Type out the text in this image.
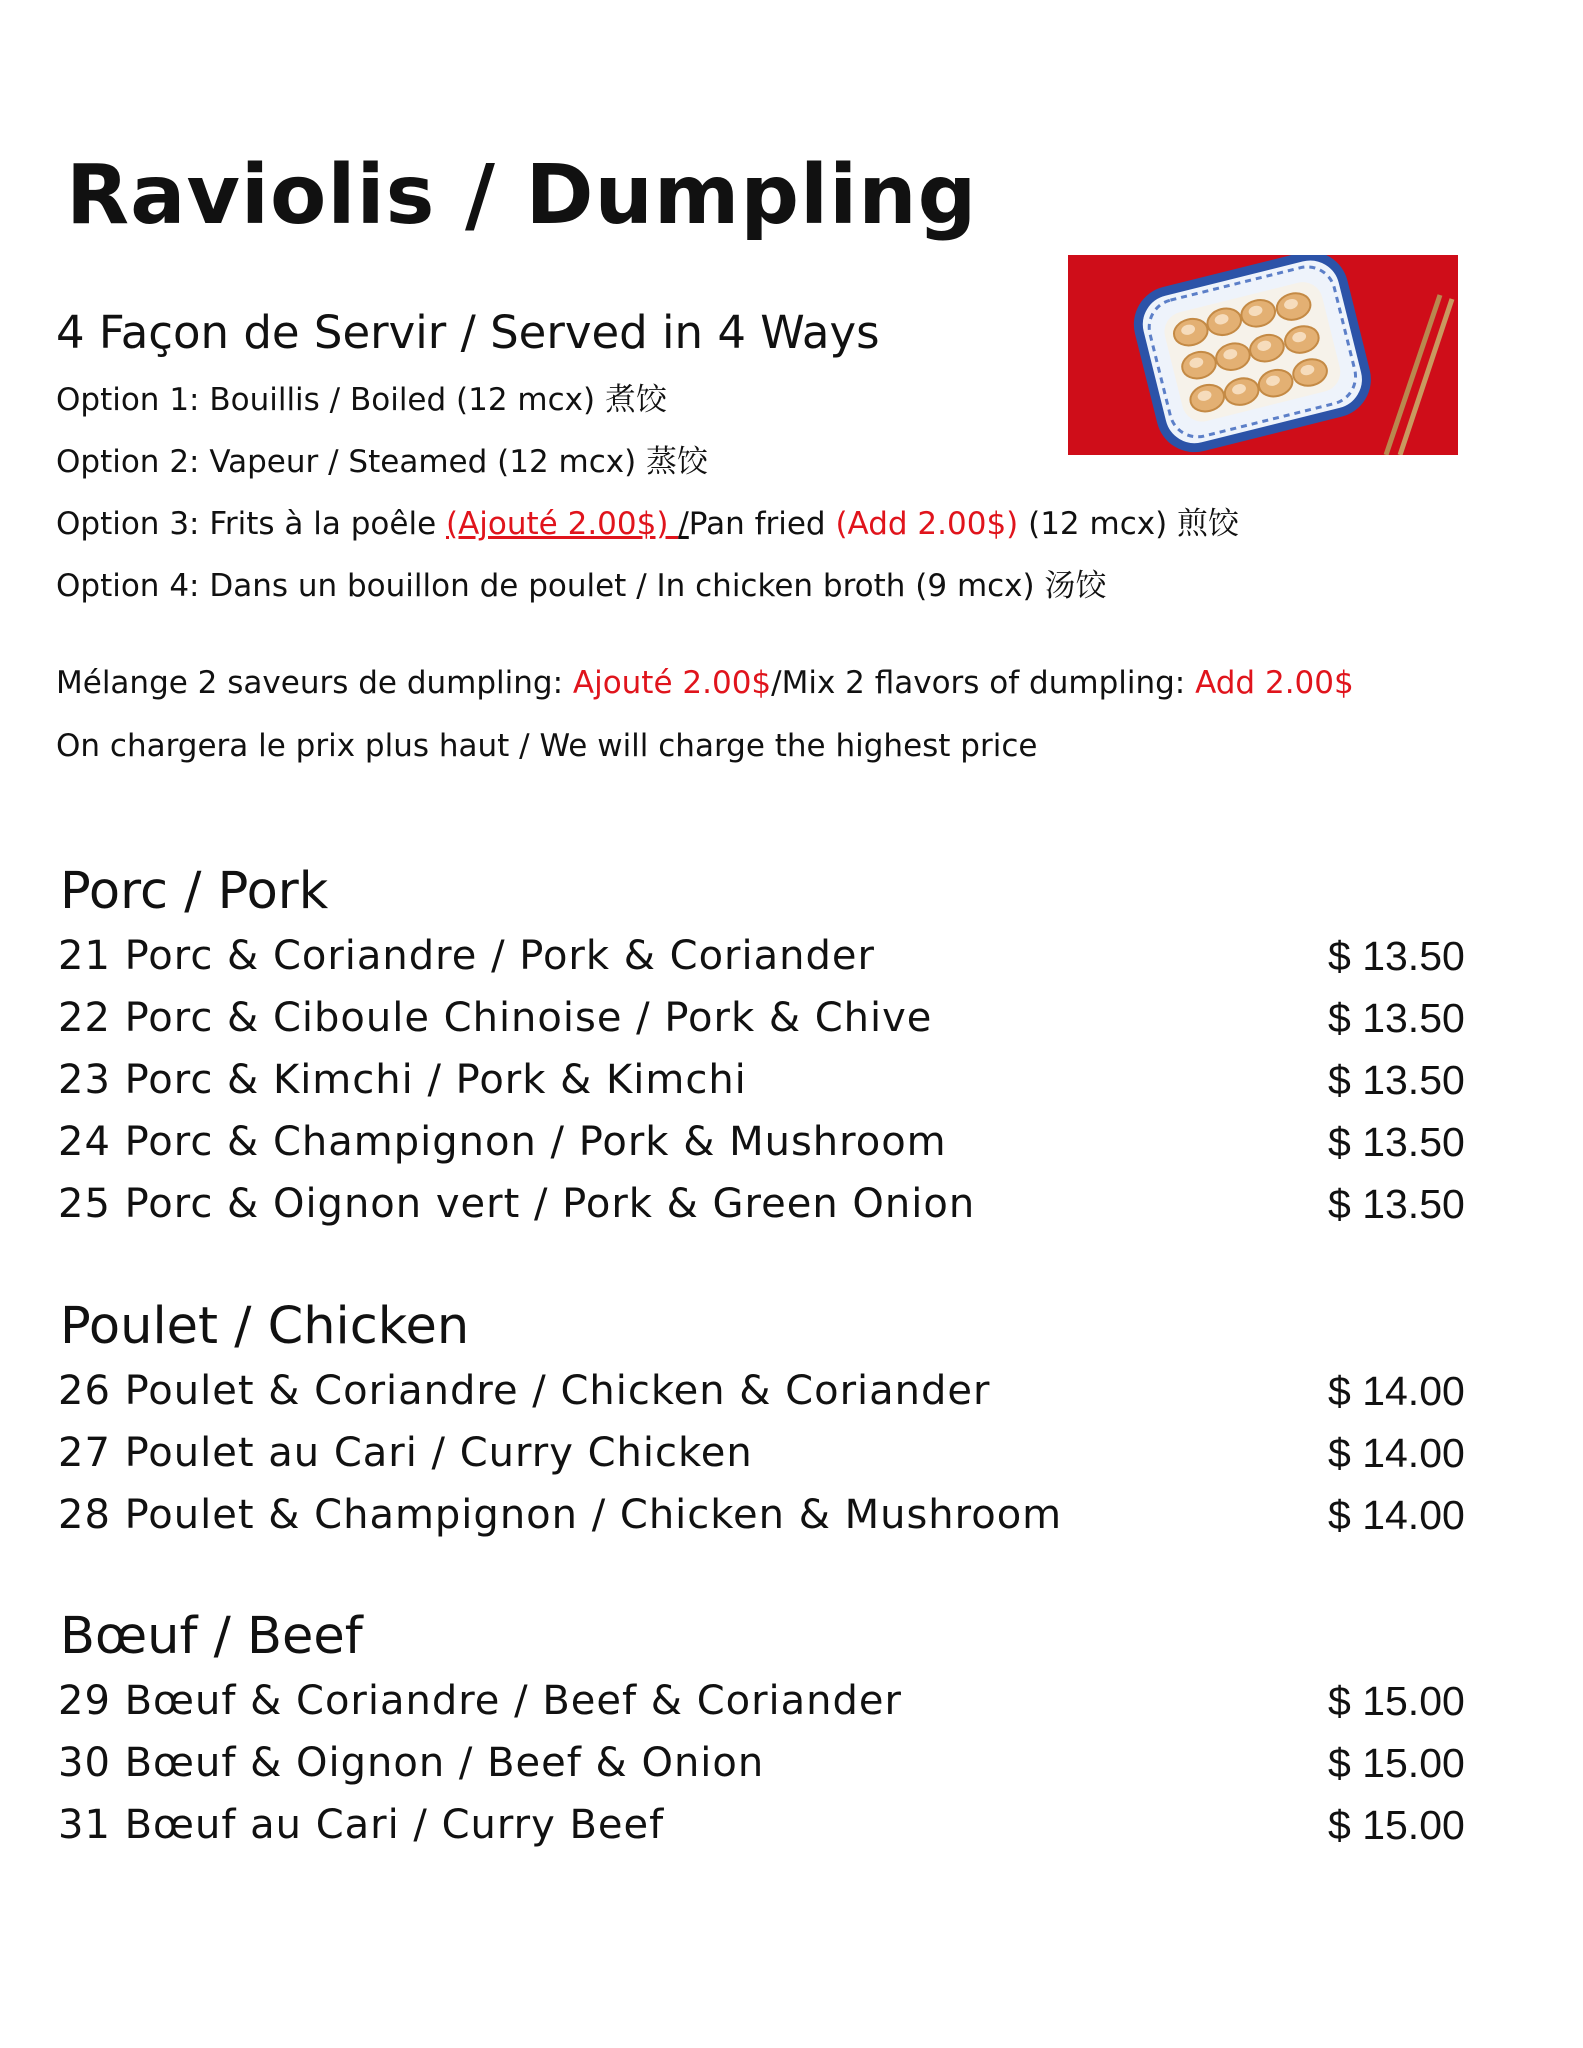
Raviolis / Dumpling
4 Façon de Servir / Served in 4 Ways
Option 1: Bouillis / Boiled (12 mcx) 煮饺
Option 2: Vapeur / Steamed (12 mcx) 蒸饺
Option 3: Frits à la poêle (Ajouté 2.00$) /Pan fried (Add 2.00$) (12 mcx) 煎饺
Option 4: Dans un bouillon de poulet / In chicken broth (9 mcx) 汤饺
Mélange 2 saveurs de dumpling: Ajouté 2.00$/Mix 2 flavors of dumpling: Add 2.00$
On chargera le prix plus haut / We will charge the highest price
Porc / Pork
21 Porc & Coriandre / Pork & Coriander	$ 13.50
22 Porc & Ciboule Chinoise / Pork & Chive	$ 13.50
23 Porc & Kimchi / Pork & Kimchi	$ 13.50
24 Porc & Champignon / Pork & Mushroom	$ 13.50
25 Porc & Oignon vert / Pork & Green Onion	$ 13.50
Poulet / Chicken
26 Poulet & Coriandre / Chicken & Coriander	$ 14.00
27 Poulet au Cari / Curry Chicken	$ 14.00
28 Poulet & Champignon / Chicken & Mushroom	$ 14.00
Bœuf / Beef
29 Bœuf & Coriandre / Beef & Coriander	$ 15.00
30 Bœuf & Oignon / Beef & Onion	$ 15.00
31 Bœuf au Cari / Curry Beef	$ 15.00
